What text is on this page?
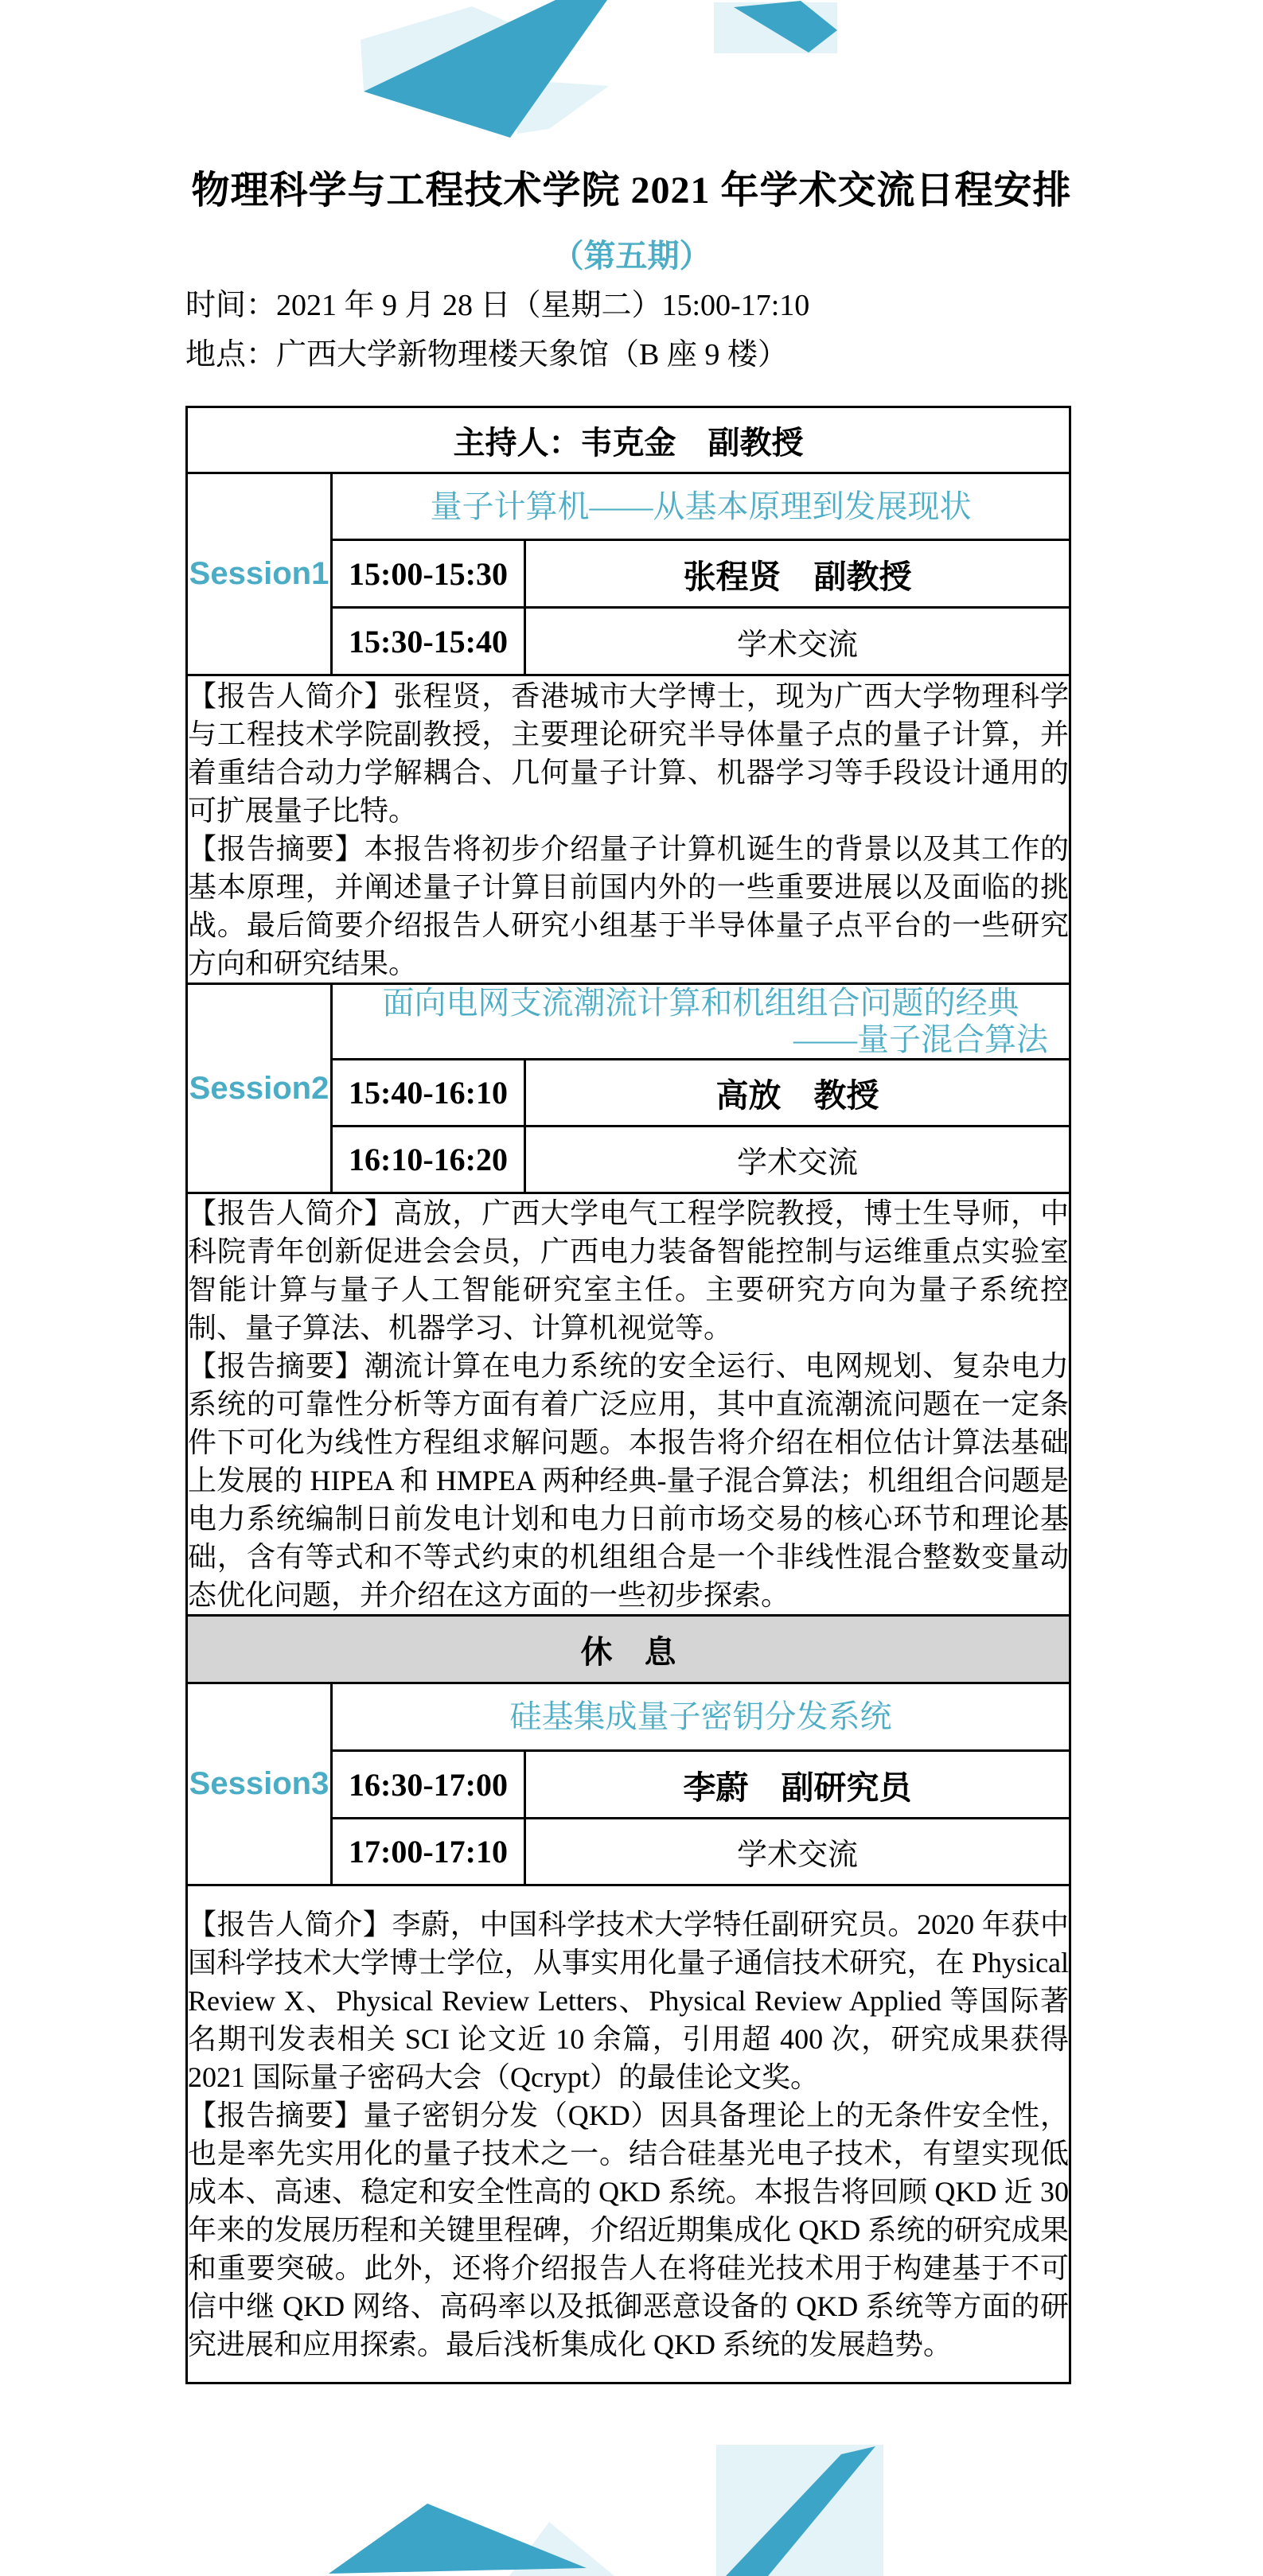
物理科学与工程技术学院 2021 年学术交流日程安排
（第五期）
时间：2021 年 9 月 28 日（星期二）15:00-17:10
地点：广西大学新物理楼天象馆（B 座 9 楼）
主持人：韦克金　副教授		
Session1	量子计算机——从基本原理到发展现状	

	15:00-15:30	张程贤　副教授
	15:30-15:40	学术交流

【报告人简介】张程贤，香港城市大学博士，现为广西大学物理科学与工程技术学院副教授，主要理论研究半导体量子点的量子计算，并着重结合动力学解耦合、几何量子计算、机器学习等手段设计通用的可扩展量子比特。

【报告摘要】本报告将初步介绍量子计算机诞生的背景以及其工作的基本原理，并阐述量子计算目前国内外的一些重要进展以及面临的挑战。最后简要介绍报告人研究小组基于半导体量子点平台的一些研究方向和研究结果。		

Session2	面向电网支流潮流计算和机组组合问题的经典
——量子混合算法	

	15:40-16:10	高放　教授
	16:10-16:20	学术交流

【报告人简介】高放，广西大学电气工程学院教授，博士生导师，中科院青年创新促进会会员，广西电力装备智能控制与运维重点实验室智能计算与量子人工智能研究室主任。主要研究方向为量子系统控制、量子算法、机器学习、计算机视觉等。

【报告摘要】潮流计算在电力系统的安全运行、电网规划、复杂电力系统的可靠性分析等方面有着广泛应用，其中直流潮流问题在一定条件下可化为线性方程组求解问题。本报告将介绍在相位估计算法基础上发展的 HIPEA 和 HMPEA 两种经典-量子混合算法；机组组合问题是电力系统编制日前发电计划和电力日前市场交易的核心环节和理论基础，含有等式和不等式约束的机组组合是一个非线性混合整数变量动态优化问题，并介绍在这方面的一些初步探索。		

休　息		
Session3	硅基集成量子密钥分发系统	

	16:30-17:00	李蔚　副研究员
	17:00-17:10	学术交流

【报告人简介】李蔚，中国科学技术大学特任副研究员。2020 年获中国科学技术大学博士学位，从事实用化量子通信技术研究，在 Physical Review X、Physical Review Letters、Physical Review Applied 等国际著名期刊发表相关 SCI 论文近 10 余篇，引用超 400 次，研究成果获得 2021 国际量子密码大会（Qcrypt）的最佳论文奖。

【报告摘要】量子密钥分发（QKD）因具备理论上的无条件安全性，也是率先实用化的量子技术之一。结合硅基光电子技术，有望实现低成本、高速、稳定和安全性高的 QKD 系统。本报告将回顾 QKD 近 30 年来的发展历程和关键里程碑，介绍近期集成化 QKD 系统的研究成果和重要突破。此外，还将介绍报告人在将硅光技术用于构建基于不可信中继 QKD 网络、高码率以及抵御恶意设备的 QKD 系统等方面的研究进展和应用探索。最后浅析集成化 QKD 系统的发展趋势。		
